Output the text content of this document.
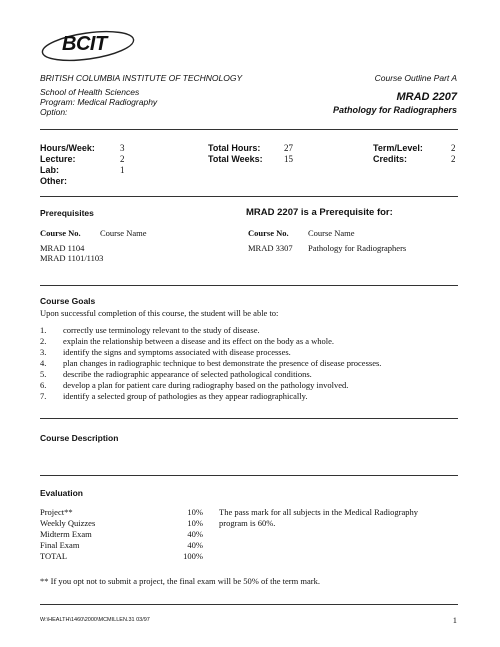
BCIT
BRITISH COLUMBIA INSTITUTE OF TECHNOLOGY	Course Outline Part A
School of Health Sciences
Program: Medical Radiography
Option:
MRAD 2207
Pathology for Radiographers
Hours/Week:	3
Lecture:	2
Lab:	1
Other:
Total Hours:	27
Total Weeks: 15
Term/Level:	2
Credits:	2
Prerequisites	MRAD 2207 is a Prerequisite for:
Course No. Course Name
MRAD 1104
MRAD 1101/1103
Course No. Course Name
MRAD 3307 Pathology for Radiographers
Course Goals
Upon successful completion of this course, the student will be able to:
1. correctly use terminology relevant to the study of disease.
2. explain the relationship between a disease and its effect on the body as a whole.
3. identify the signs and symptoms associated with disease processes.
4. plan changes in radiographic technique to best demonstrate the presence of disease processes.
5. describe the radiographic appearance of selected pathological conditions.
6. develop a plan for patient care during radiography based on the pathology involved.
7. identify a selected group of pathologies as they appear radiographically.
Course Description
Evaluation
Project**	10%
Weekly Quizzes	10%
Midterm Exam	40%
Final Exam	40%
TOTAL	100%
The pass mark for all subjects in the Medical Radiography
program is 60%.
** If you opt not to submit a project, the final exam will be 50% of the term mark.
W:\HEALTH\1460\2000\MCMILLEN.31 03/97	1
